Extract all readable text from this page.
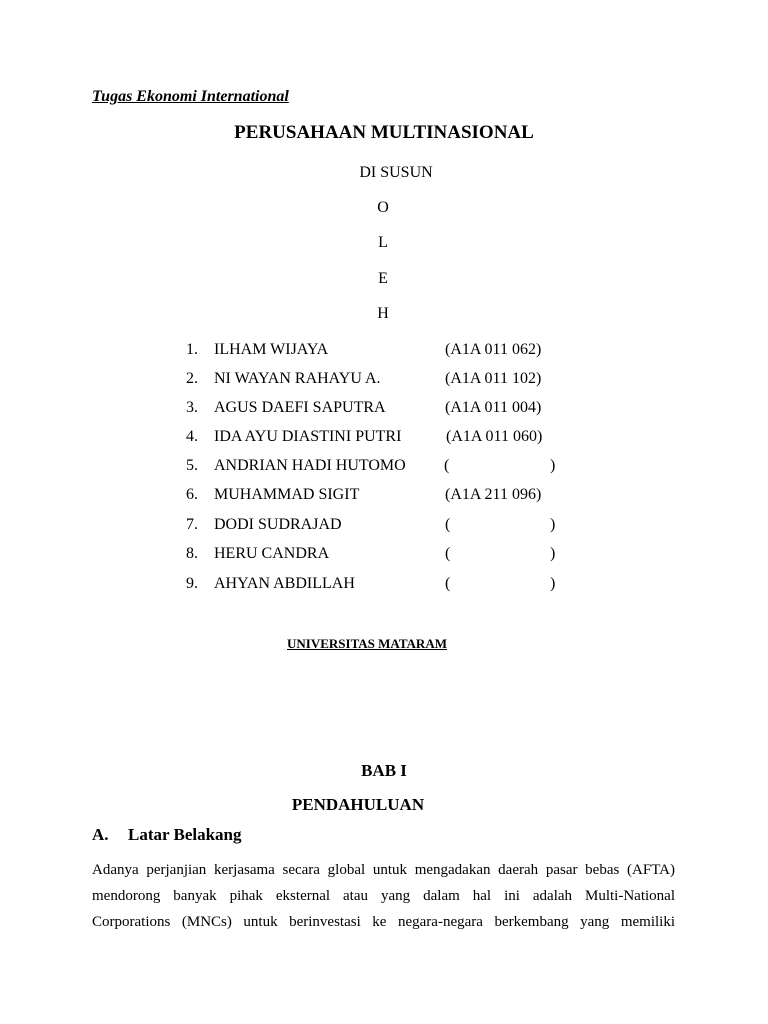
Tugas Ekonomi International
PERUSAHAAN MULTINASIONAL
DI SUSUN
O
L
E
H
1. ILHAM WIJAYA	(A1A 011 062)
2. NI WAYAN RAHAYU A.	(A1A 011 102)
3. AGUS DAEFI SAPUTRA	(A1A 011 004)
4. IDA AYU DIASTINI PUTRI	(A1A 011 060)
5. ANDRIAN HADI HUTOMO (	)
6. MUHAMMAD SIGIT	(A1A 211 096)
7. DODI SUDRAJAD	(	)
8. HERU CANDRA	(	)
9. AHYAN ABDILLAH	(	)
UNIVERSITAS MATARAM
BAB I
PENDAHULUAN
A. Latar Belakang
Adanya perjanjian kerjasama secara global untuk mengadakan daerah pasar bebas (AFTA)
mendorong banyak pihak eksternal atau yang dalam hal ini adalah Multi-National
Corporations (MNCs) untuk berinvestasi ke negara-negara berkembang yang memiliki
